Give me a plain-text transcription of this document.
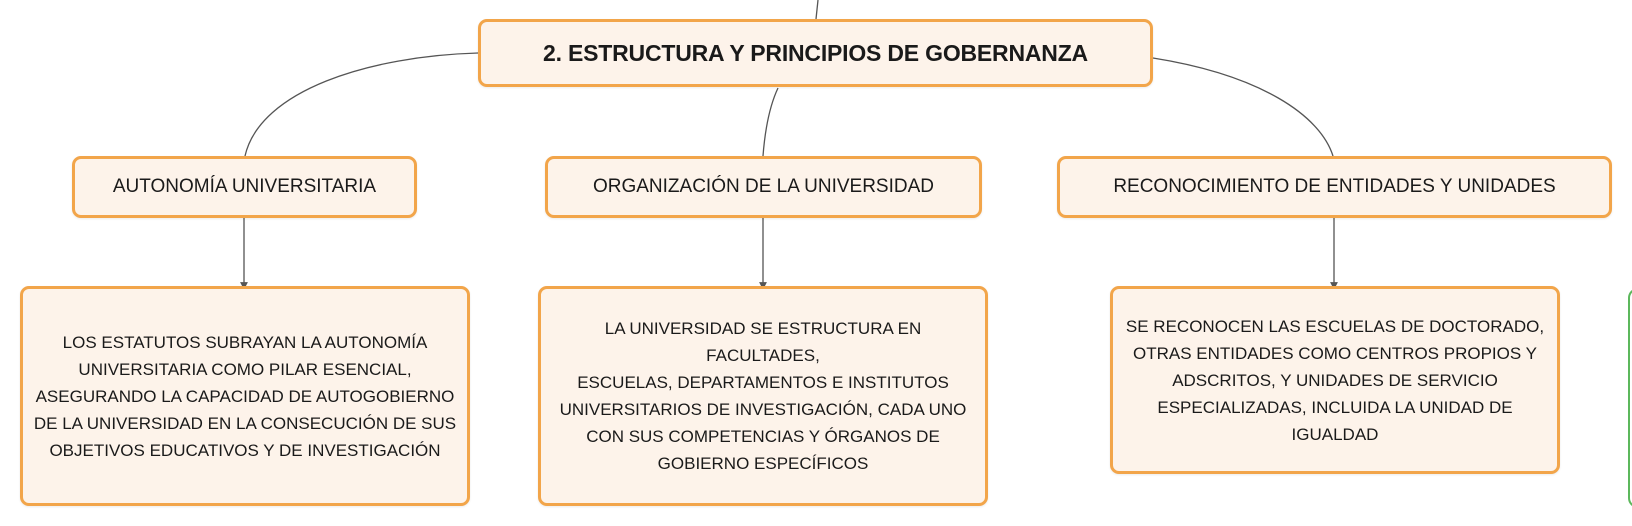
2. ESTRUCTURA Y PRINCIPIOS DE GOBERNANZA
AUTONOMÍA UNIVERSITARIA	ORGANIZACIÓN DE LA UNIVERSIDAD	RECONOCIMIENTO DE ENTIDADES Y UNIDADES
LOS ESTATUTOS SUBRAYAN LA AUTONOMÍA
UNIVERSITARIA COMO PILAR ESENCIAL,
ASEGURANDO LA CAPACIDAD DE AUTOGOBIERNO
DE LA UNIVERSIDAD EN LA CONSECUCIÓN DE SUS
OBJETIVOS EDUCATIVOS Y DE INVESTIGACIÓN
LA UNIVERSIDAD SE ESTRUCTURA EN FACULTADES,
ESCUELAS, DEPARTAMENTOS E INSTITUTOS
UNIVERSITARIOS DE INVESTIGACIÓN, CADA UNO
CON SUS COMPETENCIAS Y ÓRGANOS DE
GOBIERNO ESPECÍFICOS
SE RECONOCEN LAS ESCUELAS DE DOCTORADO,
OTRAS ENTIDADES COMO CENTROS PROPIOS Y
ADSCRITOS, Y UNIDADES DE SERVICIO
ESPECIALIZADAS, INCLUIDA LA UNIDAD DE
IGUALDAD
